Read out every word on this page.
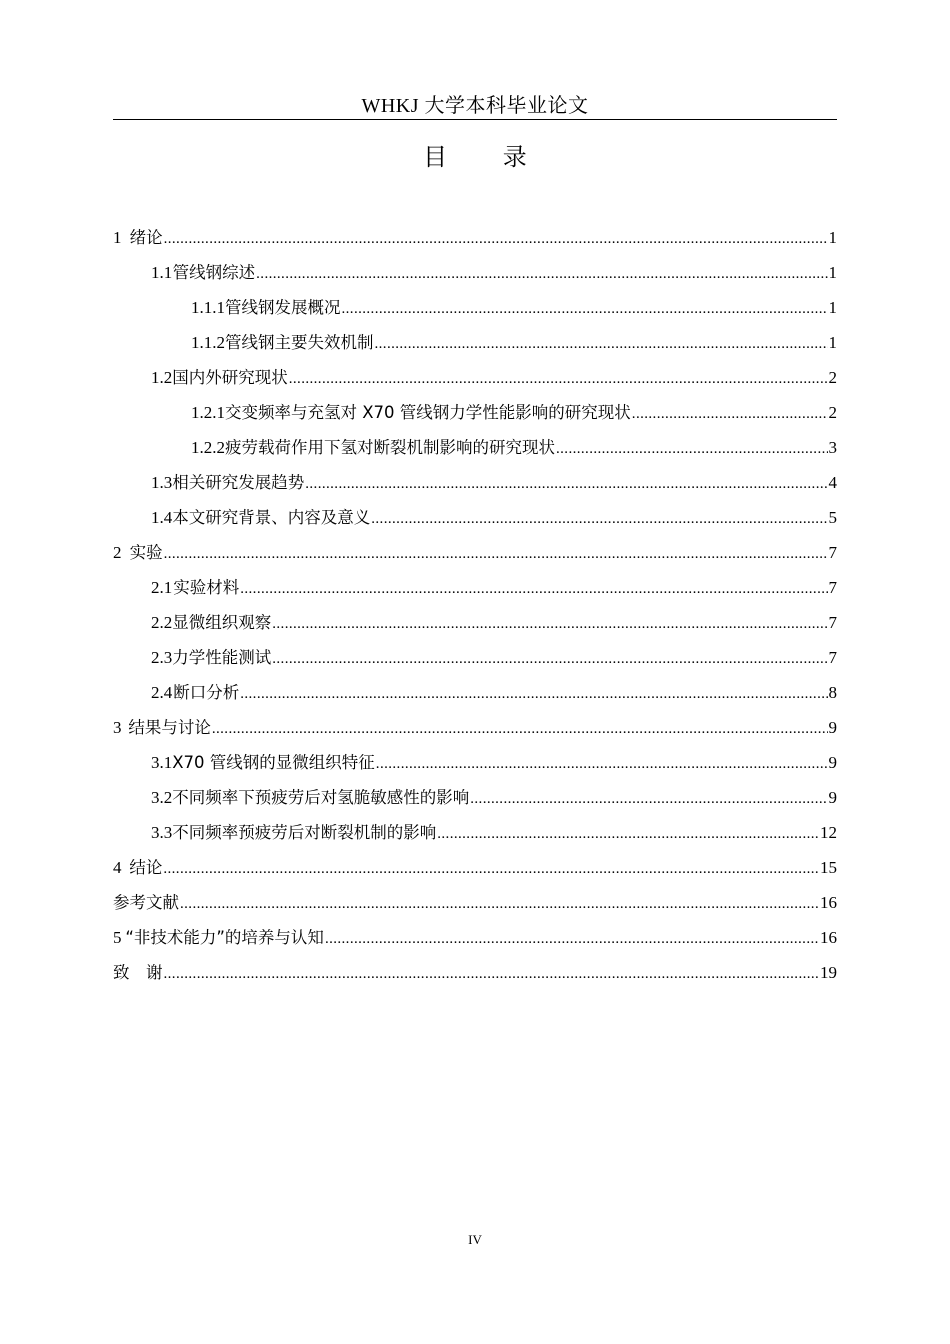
WHKJ 大学本科毕业论文
目 录
1 绪论 .....	1
1.1 管线钢综述 .....	1
1.1.1 管线钢发展概况 .....	1
1.1.2 管线钢主要失效机制 .....	1
1.2 国内外研究现状 .....	2
1.2.1 交变频率与充氢对 X70 管线钢力学性能影响的研究现状 .....	2
1.2.2 疲劳载荷作用下氢对断裂机制影响的研究现状 .....	3
1.3 相关研究发展趋势 .....	4
1.4 本文研究背景、内容及意义 .....	5
2 实验 .....	7
2.1 实验材料 .....	7
2.2 显微组织观察 .....	7
2.3 力学性能测试 .....	7
2.4 断口分析 .....	8
3 结果与讨论 .....	9
3.1 X70 管线钢的显微组织特征 .....	9
3.2 不同频率下预疲劳后对氢脆敏感性的影响 .....	9
3.3 不同频率预疲劳后对断裂机制的影响 .....	12
4 结论 .....	15
参考文献 .....	16
5 “非技术能力”的培养与认知 .....	16
致　谢 .....	19
IV
